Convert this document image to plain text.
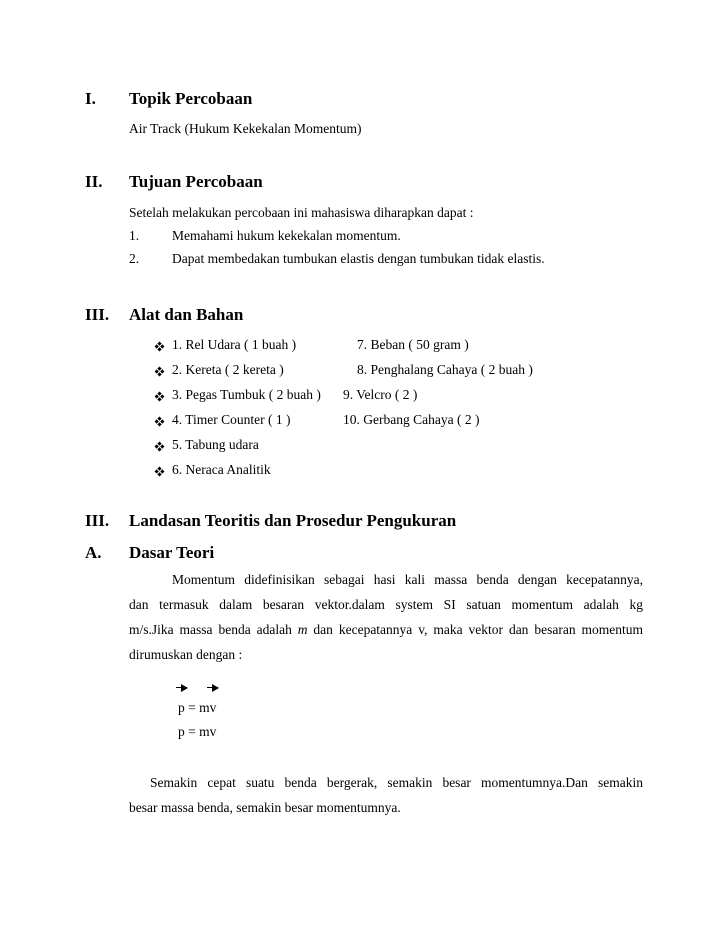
I. Topik Percobaan
Air Track (Hukum Kekekalan Momentum)
II. Tujuan Percobaan
Setelah melakukan percobaan ini mahasiswa diharapkan dapat :
1. Memahami hukum kekekalan momentum.
2. Dapat membedakan tumbukan elastis dengan tumbukan tidak elastis.
III. Alat dan Bahan
1. Rel Udara ( 1 buah )	7. Beban ( 50 gram )
2. Kereta ( 2 kereta )	8. Penghalang Cahaya ( 2 buah )
3. Pegas Tumbuk ( 2 buah ) 9. Velcro ( 2 )
4. Timer Counter ( 1 )	10. Gerbang Cahaya ( 2 )
5. Tabung udara
6. Neraca Analitik
III. Landasan Teoritis dan Prosedur Pengukuran
A. Dasar Teori
Momentum didefinisikan sebagai hasi kali massa benda dengan kecepatannya,
dan termasuk dalam besaran vektor.dalam system SI satuan momentum adalah kg
m/s.Jika massa benda adalah m dan kecepatannya v, maka vektor dan besaran momentum
dirumuskan dengan :
p = mv
p = mv
Semakin cepat suatu benda bergerak, semakin besar momentumnya.Dan semakin
besar massa benda, semakin besar momentumnya.
